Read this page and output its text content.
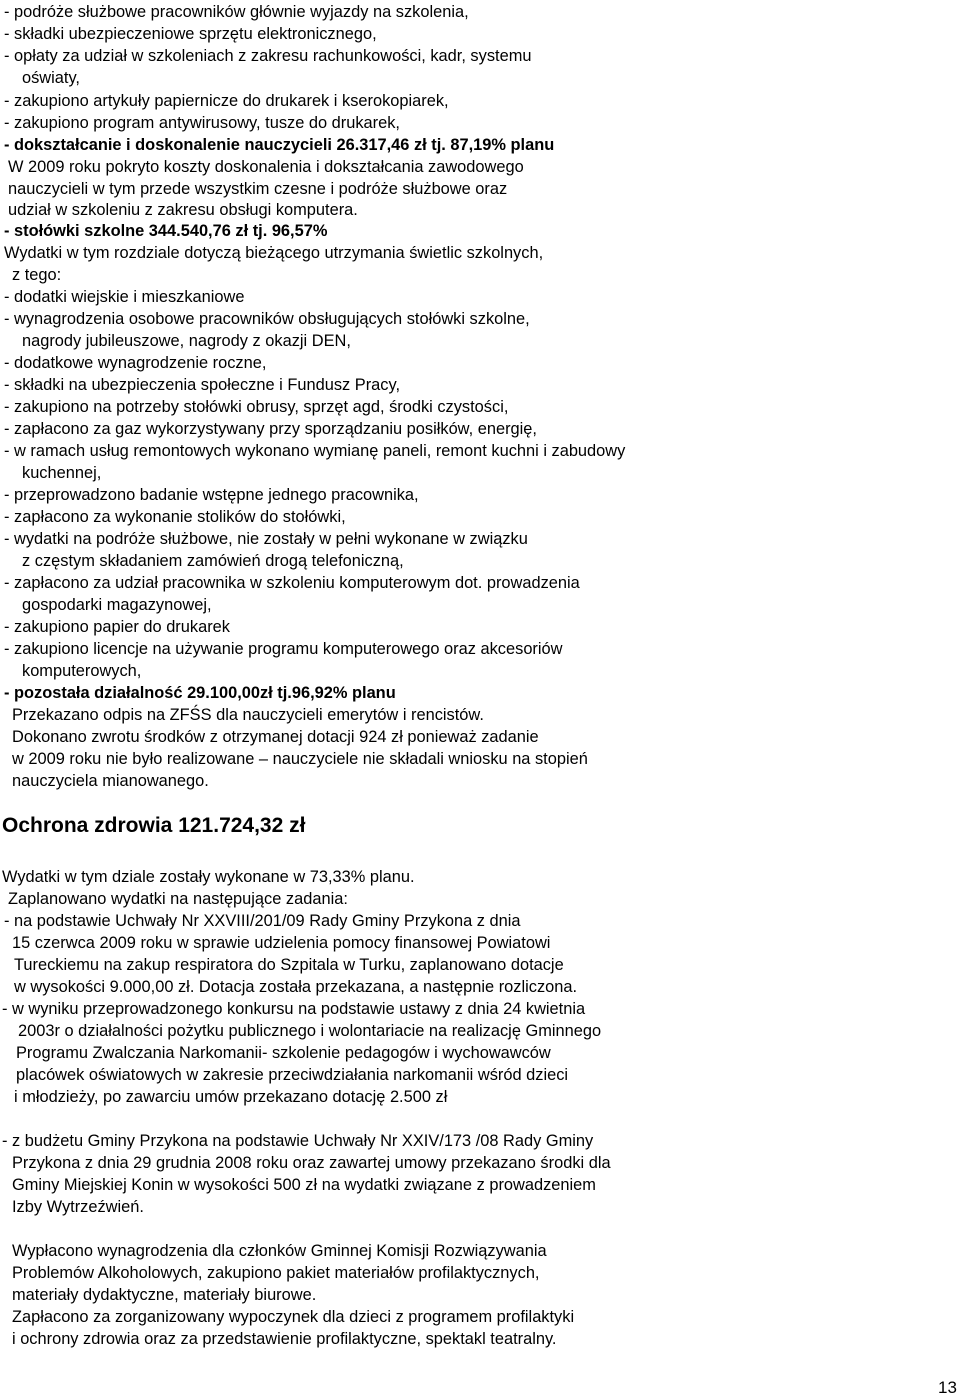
- podróże służbowe pracowników głównie wyjazdy na szkolenia,

- składki ubezpieczeniowe sprzętu elektronicznego,

- opłaty za udział w szkoleniach z zakresu rachunkowości, kadr, systemu

oświaty,

- zakupiono artykuły papiernicze do drukarek i kserokopiarek,

- zakupiono program antywirusowy, tusze do drukarek,

- dokształcanie i doskonalenie nauczycieli 26.317,46 zł tj. 87,19% planu

W 2009 roku pokryto koszty doskonalenia i dokształcania zawodowego

nauczycieli w tym przede wszystkim czesne i podróże służbowe oraz

udział w szkoleniu z zakresu obsługi komputera.

- stołówki szkolne 344.540,76 zł tj. 96,57%

Wydatki w tym rozdziale dotyczą bieżącego utrzymania świetlic szkolnych,

z tego:

- dodatki wiejskie i mieszkaniowe

- wynagrodzenia osobowe pracowników obsługujących stołówki szkolne,

nagrody jubileuszowe, nagrody z okazji DEN,

- dodatkowe wynagrodzenie roczne,

- składki na ubezpieczenia społeczne i Fundusz Pracy,

- zakupiono na potrzeby stołówki obrusy, sprzęt agd, środki czystości,

- zapłacono za gaz wykorzystywany przy sporządzaniu posiłków, energię,

- w ramach usług remontowych wykonano wymianę paneli, remont kuchni i zabudowy

kuchennej,

- przeprowadzono badanie wstępne jednego pracownika,

- zapłacono za wykonanie stolików do stołówki,

- wydatki na podróże służbowe, nie zostały w pełni wykonane w związku

z częstym składaniem zamówień drogą telefoniczną,

- zapłacono za udział pracownika w szkoleniu komputerowym dot. prowadzenia

gospodarki magazynowej,

- zakupiono papier do drukarek

- zakupiono licencje na używanie programu komputerowego oraz akcesoriów

komputerowych,

- pozostała działalność 29.100,00zł tj.96,92% planu

Przekazano odpis na ZFŚS dla nauczycieli emerytów i rencistów.

Dokonano zwrotu środków z otrzymanej dotacji 924 zł ponieważ zadanie

w 2009 roku nie było realizowane – nauczyciele nie składali wniosku na stopień

nauczyciela mianowanego.

Ochrona zdrowia 121.724,32 zł

Wydatki w tym dziale zostały wykonane w 73,33% planu.

Zaplanowano wydatki na następujące zadania:

- na podstawie Uchwały Nr XXVIII/201/09 Rady Gminy Przykona z dnia

15 czerwca 2009 roku w sprawie udzielenia pomocy finansowej Powiatowi

Tureckiemu na zakup respiratora do Szpitala w Turku, zaplanowano dotacje

w wysokości 9.000,00 zł. Dotacja została przekazana, a następnie rozliczona.

- w wyniku przeprowadzonego konkursu na podstawie ustawy z dnia 24 kwietnia

2003r o działalności pożytku publicznego i wolontariacie na realizację Gminnego

Programu Zwalczania Narkomanii- szkolenie pedagogów i wychowawców

placówek oświatowych w zakresie przeciwdziałania narkomanii wśród dzieci

i młodzieży, po zawarciu umów przekazano dotację 2.500 zł

- z budżetu Gminy Przykona na podstawie Uchwały Nr XXIV/173 /08 Rady Gminy

Przykona z dnia 29 grudnia 2008 roku oraz zawartej umowy przekazano środki dla

Gminy Miejskiej Konin w wysokości 500 zł na wydatki związane z prowadzeniem

Izby Wytrzeźwień.

Wypłacono wynagrodzenia dla członków Gminnej Komisji Rozwiązywania

Problemów Alkoholowych, zakupiono pakiet materiałów profilaktycznych,

materiały dydaktyczne, materiały biurowe.

Zapłacono za zorganizowany wypoczynek dla dzieci z programem profilaktyki

i ochrony zdrowia oraz za przedstawienie profilaktyczne, spektakl teatralny.

13
